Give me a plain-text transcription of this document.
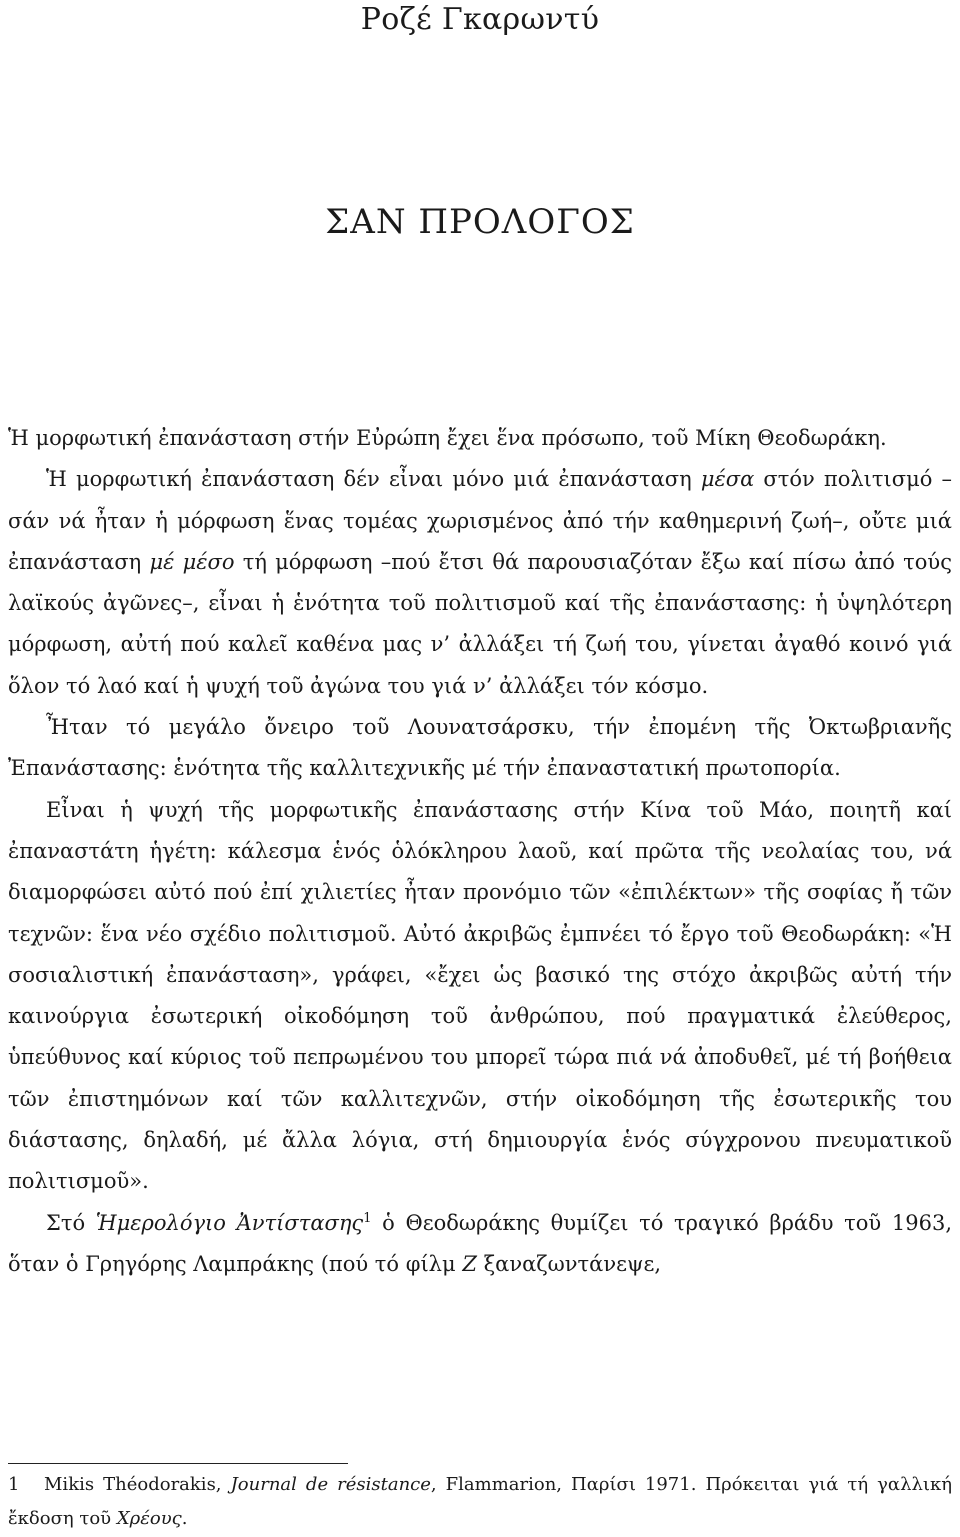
Ροζέ Γκαρωντύ
ΣΑΝ ΠΡΟΛΟΓΟΣ

Ἡ μορφωτική ἐπανάσταση στήν Εὐρώπη ἔχει ἕνα πρόσωπο, τοῦ Μίκη Θεοδωράκη.

Ἡ μορφωτική ἐπανάσταση δέν εἶναι μόνο μιά ἐπανάσταση μέσα στόν πολιτισμό –σάν νά ἦταν ἡ μόρφωση ἕνας τομέας χωρισμένος ἀπό τήν καθημερινή ζωή–, οὔτε μιά ἐπανάσταση μέ μέσο τή μόρφωση –πού ἔτσι θά παρουσιαζόταν ἔξω καί πίσω ἀπό τούς λαϊκούς ἀγῶνες–, εἶναι ἡ ἑνότητα τοῦ πολιτισμοῦ καί τῆς ἐπανάστασης: ἡ ὑψηλότερη μόρφωση, αὐτή πού καλεῖ καθένα μας ν’ ἀλλάξει τή ζωή του, γίνεται ἀγαθό κοινό γιά ὅλον τό λαό καί ἡ ψυχή τοῦ ἀγώνα του γιά ν’ ἀλλάξει τόν κόσμο.

Ἦταν τό μεγάλο ὄνειρο τοῦ Λουνατσάρσκυ, τήν ἐπομένη τῆς Ὀκτωβριανῆς Ἐπανάστασης: ἑνότητα τῆς καλλιτεχνικῆς μέ τήν ἐπαναστατική πρωτοπορία.

Εἶναι ἡ ψυχή τῆς μορφωτικῆς ἐπανάστασης στήν Κίνα τοῦ Μάο, ποιητῆ καί ἐπαναστάτη ἡγέτη: κάλεσμα ἑνός ὁλόκληρου λαοῦ, καί πρῶτα τῆς νεολαίας του, νά διαμορφώσει αὐτό πού ἐπί χιλιετίες ἦταν προνόμιο τῶν «ἐπιλέκτων» τῆς σοφίας ἤ τῶν τεχνῶν: ἕνα νέο σχέδιο πολιτισμοῦ. Αὐτό ἀκριβῶς ἐμπνέει τό ἔργο τοῦ Θεοδωράκη: «Ἡ σοσιαλιστική ἐπανάσταση», γράφει, «ἔχει ὡς βασικό της στόχο ἀκριβῶς αὐτή τήν καινούργια ἐσωτερική οἰκοδόμηση τοῦ ἀνθρώπου, πού πραγματικά ἐλεύθερος, ὑπεύθυνος καί κύριος τοῦ πεπρωμένου του μπορεῖ τώρα πιά νά ἀποδυθεῖ, μέ τή βοήθεια τῶν ἐπιστημόνων καί τῶν καλλιτεχνῶν, στήν οἰκοδόμηση τῆς ἐσωτερικῆς του διάστασης, δηλαδή, μέ ἄλλα λόγια, στή δημιουργία ἑνός σύγχρονου πνευματικοῦ πολιτισμοῦ».

Στό Ἡμερολόγιο Ἀντίστασης$^1$ ὁ Θεοδωράκης θυμίζει τό τραγικό βράδυ τοῦ 1963, ὅταν ὁ Γρηγόρης Λαμπράκης (πού τό φίλμ Z ξαναζωντάνεψε,

1 Mikis Théodorakis, Journal de résistance, Flammarion, Παρίσι 1971. Πρόκειται γιά τή γαλλική ἔκδοση τοῦ Χρέους.
